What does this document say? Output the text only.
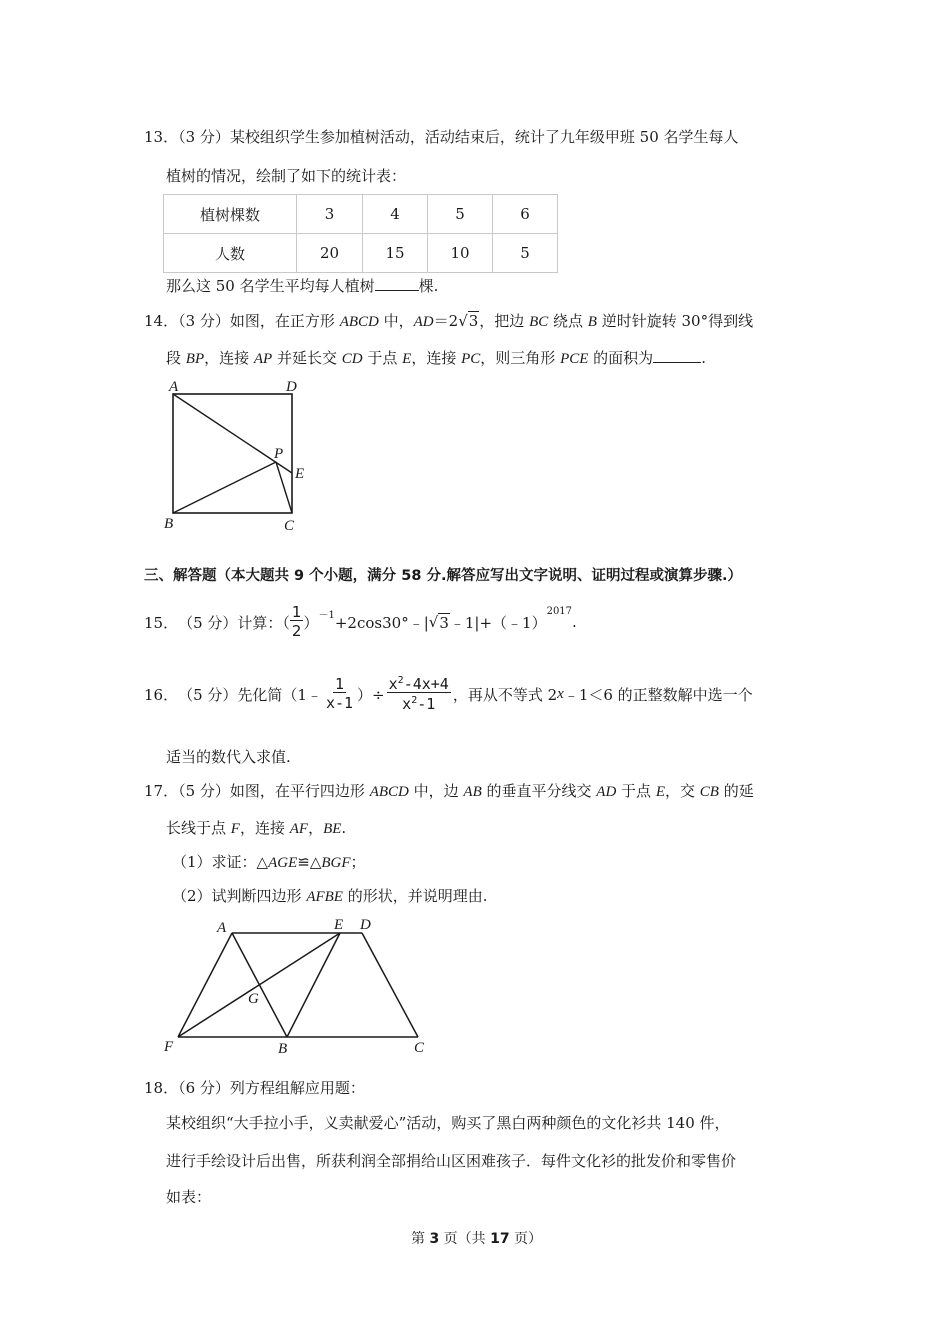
13．（3 分）某校组织学生参加植树活动，活动结束后，统计了九年级甲班 50 名学生每人
植树的情况，绘制了如下的统计表：
植树棵数	3	4	5	6
人数	20	15	10	5
那么这 50 名学生平均每人植树	棵.
14．（3 分）如图，在正方形 ABCD 中，AD＝2√3，把边 BC 绕点 B 逆时针旋转 30°得到线
段 BP，连接 AP 并延长交 CD 于点 E，连接 PC，则三角形 PCE 的面积为	.
A	D
P
E
B	C
三、解答题（本大题共 9 个小题，满分 58 分.解答应写出文字说明、证明过程或演算步骤.）
15． （5 分） 计算：（ $\frac{1}{2} )^{-1}$ +2cos30°﹣| √ 3 ﹣1|+（﹣1）
$^{2017}$
.
16． （5 分） 先化简（1﹣ $\frac{1}{x-1}$ ）÷ $\frac{x^2-4x+4}{x^2-1}$ ，再从不等式 2 x ﹣1＜6 的正整数解中选一个
适当的数代入求值.
17．（5 分）如图，在平行四边形 ABCD 中，边 AB 的垂直平分线交 AD 于点 E，交 CB 的延
长线于点 F，连接 AF，BE.
（1）求证：△AGE≌△BGF；
（2）试判断四边形 AFBE 的形状，并说明理由.
A	E D
G
F	B	C
18．（6 分）列方程组解应用题：
某校组织“大手拉小手，义卖献爱心”活动，购买了黑白两种颜色的文化衫共 140 件，
进行手绘设计后出售，所获利润全部捐给山区困难孩子．每件文化衫的批发价和零售价
如表：
第 3 页（共 17 页）
